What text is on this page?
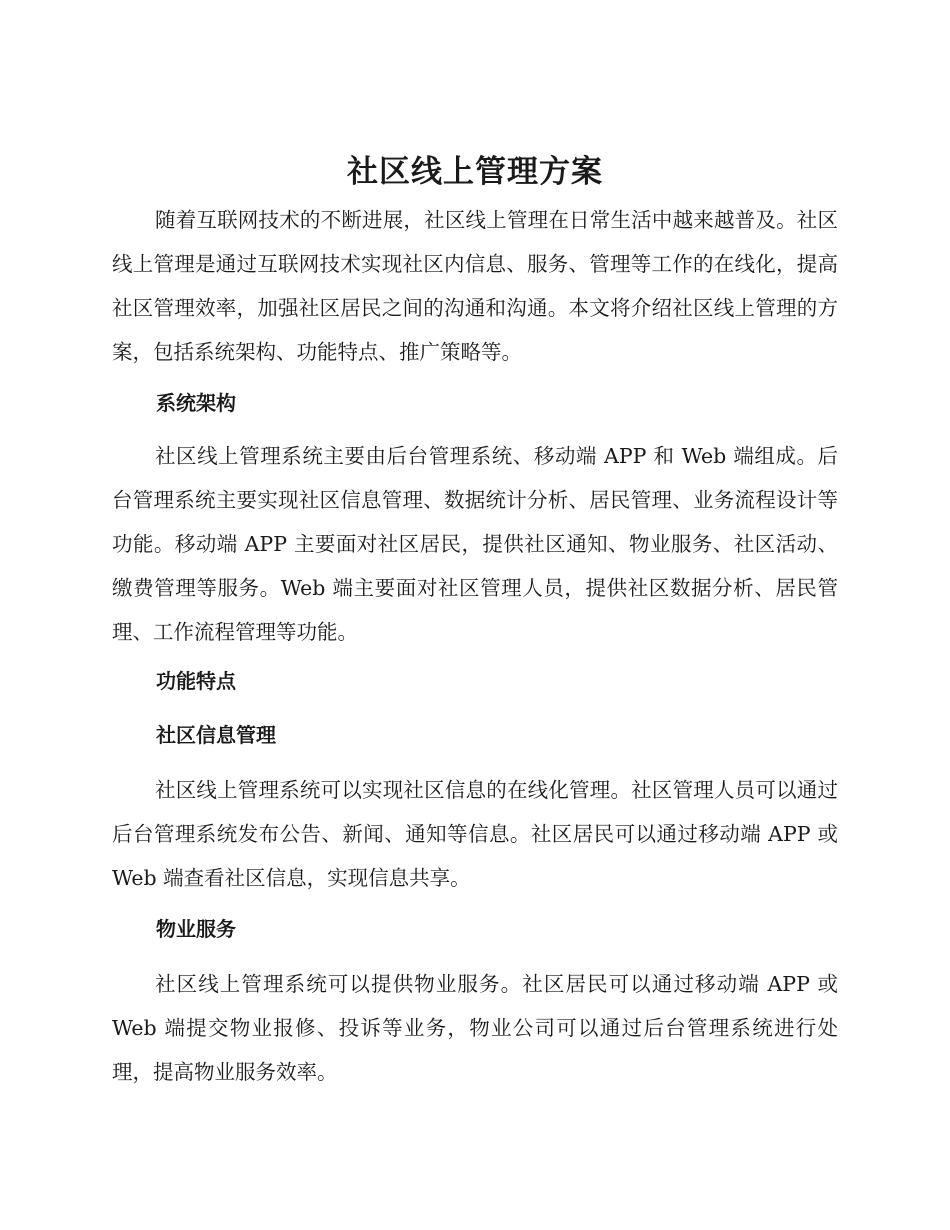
社区线上管理方案

随着互联网技术的不断进展，社区线上管理在日常生活中越来越普及。社区线上管理是通过互联网技术实现社区内信息、服务、管理等工作的在线化，提高社区管理效率，加强社区居民之间的沟通和沟通。本文将介绍社区线上管理的方案，包括系统架构、功能特点、推广策略等。

系统架构

社区线上管理系统主要由后台管理系统、移动端 APP 和 Web 端组成。后台管理系统主要实现社区信息管理、数据统计分析、居民管理、业务流程设计等功能。移动端 APP 主要面对社区居民，提供社区通知、物业服务、社区活动、缴费管理等服务。Web 端主要面对社区管理人员，提供社区数据分析、居民管理、工作流程管理等功能。

功能特点
社区信息管理

社区线上管理系统可以实现社区信息的在线化管理。社区管理人员可以通过后台管理系统发布公告、新闻、通知等信息。社区居民可以通过移动端 APP 或 Web 端查看社区信息，实现信息共享。

物业服务

社区线上管理系统可以提供物业服务。社区居民可以通过移动端 APP 或 Web 端提交物业报修、投诉等业务，物业公司可以通过后台管理系统进行处理，提高物业服务效率。
